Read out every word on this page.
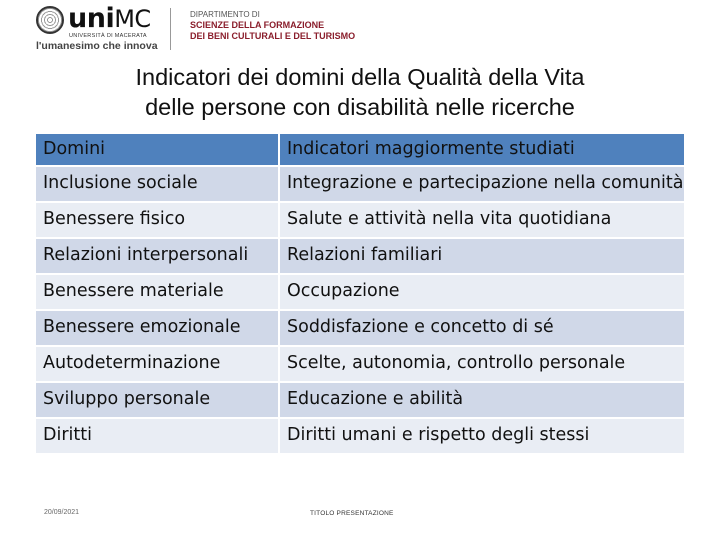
uniMC
UNIVERSITÀ DI MACERATA
l'umanesimo che innova
DIPARTIMENTO DI
SCIENZE DELLA FORMAZIONE
DEI BENI CULTURALI E DEL TURISMO
Indicatori dei domini della Qualità della Vita
delle persone con disabilità nelle ricerche
Domini	Indicatori maggiormente studiati
Inclusione sociale	Integrazione e partecipazione nella comunità
Benessere fisico	Salute e attività nella vita quotidiana
Relazioni interpersonali	Relazioni familiari
Benessere materiale	Occupazione
Benessere emozionale	Soddisfazione e concetto di sé
Autodeterminazione	Scelte, autonomia, controllo personale
Sviluppo personale	Educazione e abilità
Diritti	Diritti umani e rispetto degli stessi
20/09/2021	TITOLO PRESENTAZIONE
